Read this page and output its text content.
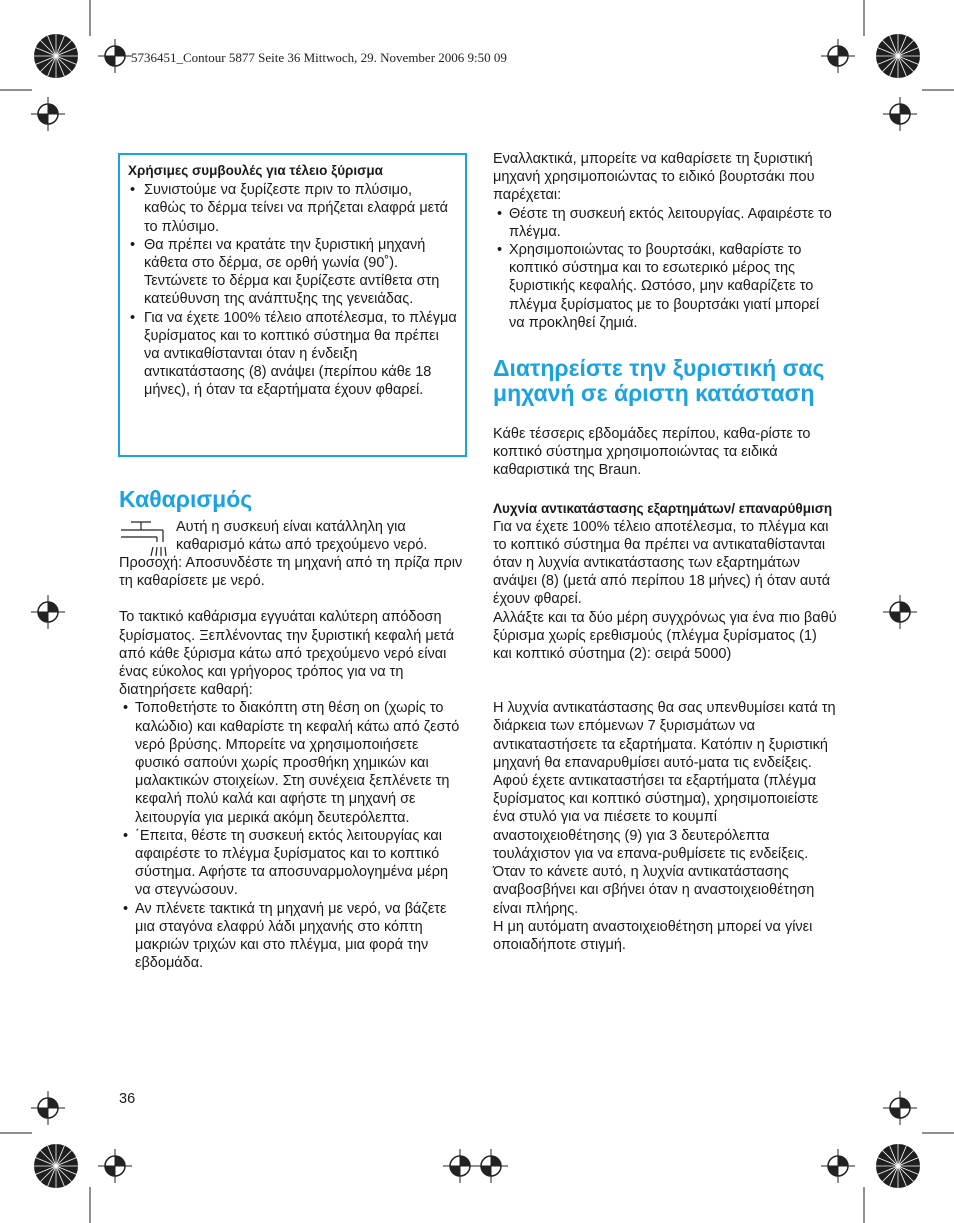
5736451_Contour 5877 Seite 36 Mittwoch, 29. November 2006 9:50 09
Χρήσιμες συμβουλές για τέλειο ξύρισμα
• Συνιστούμε να ξυρίζεστε πριν το πλύσιμο, καθώς το δέρμα τείνει να πρήζεται ελαφρά μετά το πλύσιμο.
• Θα πρέπει να κρατάτε την ξυριστική μηχανή κάθετα στο δέρμα, σε ορθή γωνία (90˚). Τεντώνετε το δέρμα και ξυρίζεστε αντίθετα στη κατεύθυνση της ανάπτυξης της γενειάδας.
• Για να έχετε 100% τέλειο αποτέλεσμα, το πλέγμα ξυρίσματος και το κοπτικό σύστημα θα πρέπει να αντικαθίστανται όταν η ένδειξη αντικατάστασης (8) ανάψει (περίπου κάθε 18 μήνες), ή όταν τα εξαρτήματα έχουν φθαρεί.
Καθαρισμός

Αυτή η συσκευή είναι κατάλληλη για καθαρισμό κάτω από τρεχούμενο νερό.

Προσοχή: Αποσυνδέστε τη μηχανή από τη πρίζα πριν τη καθαρίσετε με νερό.

Το τακτικό καθάρισμα εγγυάται καλύτερη απόδοση ξυρίσματος. Ξεπλένοντας την ξυριστική κεφαλή μετά από κάθε ξύρισμα κάτω από τρεχούμενο νερό είναι ένας εύκολος και γρήγορος τρόπος για να τη διατηρήσετε καθαρή:

• Τοποθετήστε το διακόπτη στη θέση on (χωρίς το καλώδιο) και καθαρίστε τη κεφαλή κάτω από ζεστό νερό βρύσης. Μπορείτε να χρησιμοποιήσετε φυσικό σαπούνι χωρίς προσθήκη χημικών και μαλακτικών στοιχείων. Στη συνέχεια ξεπλένετε τη κεφαλή πολύ καλά και αφήστε τη μηχανή σε λειτουργία για μερικά ακόμη δευτερόλεπτα.
• ΄Επειτα, θέστε τη συσκευή εκτός λειτουργίας και αφαιρέστε το πλέγμα ξυρίσματος και το κοπτικό σύστημα. Αφήστε τα αποσυναρμολογημένα μέρη να στεγνώσουν.
• Αν πλένετε τακτικά τη μηχανή με νερό, να βάζετε μια σταγόνα ελαφρύ λάδι μηχανής στο κόπτη μακριών τριχών και στο πλέγμα, μια φορά την εβδομάδα.
36

Εναλλακτικά, μπορείτε να καθαρίσετε τη ξυριστική μηχανή χρησιμοποιώντας το ειδικό βουρτσάκι που παρέχεται:

• Θέστε τη συσκευή εκτός λειτουργίας. Αφαιρέστε το πλέγμα.
• Χρησιμοποιώντας το βουρτσάκι, καθαρίστε το κοπτικό σύστημα και το εσωτερικό μέρος της ξυριστικής κεφαλής. Ωστόσο, μην καθαρίζετε το πλέγμα ξυρίσματος με το βουρτσάκι γιατί μπορεί να προκληθεί ζημιά.
Διατηρείστε την ξυριστική σας μηχανή σε άριστη κατάσταση

Κάθε τέσσερις εβδομάδες περίπου, καθα-ρίστε το κοπτικό σύστημα χρησιμοποιώντας τα ειδικά καθαριστικά της Braun.

Λυχνία αντικατάστασης εξαρτημάτων/ επαναρύθμιση

Για να έχετε 100% τέλειο αποτέλεσμα, το πλέγμα και το κοπτικό σύστημα θα πρέπει να αντικαταθίστανται όταν η λυχνία αντικατάστασης των εξαρτημάτων ανάψει (8) (μετά από περίπου 18 μήνες) ή όταν αυτά έχουν φθαρεί.

Αλλάξτε και τα δύο μέρη συγχρόνως για ένα πιο βαθύ ξύρισμα χωρίς ερεθισμούς (πλέγμα ξυρίσματος (1) και κοπτικό σύστημα (2): σειρά 5000)

Η λυχνία αντικατάστασης θα σας υπενθυμίσει κατά τη διάρκεια των επόμενων 7 ξυρισμάτων να αντικαταστήσετε τα εξαρτήματα. Κατόπιν η ξυριστική μηχανή θα επαναρυθμίσει αυτό-ματα τις ενδείξεις.

Αφού έχετε αντικαταστήσει τα εξαρτήματα (πλέγμα ξυρίσματος και κοπτικό σύστημα), χρησιμοποιείστε ένα στυλό για να πιέσετε το κουμπί αναστοιχειοθέτησης (9) για 3 δευτερόλεπτα τουλάχιστον για να επανα-ρυθμίσετε τις ενδείξεις.

Όταν το κάνετε αυτό, η λυχνία αντικατάστασης αναβοσβήνει και σβήνει όταν η αναστοιχειοθέτηση είναι πλήρης.

Η μη αυτόματη αναστοιχειοθέτηση μπορεί να γίνει οποιαδήποτε στιγμή.
